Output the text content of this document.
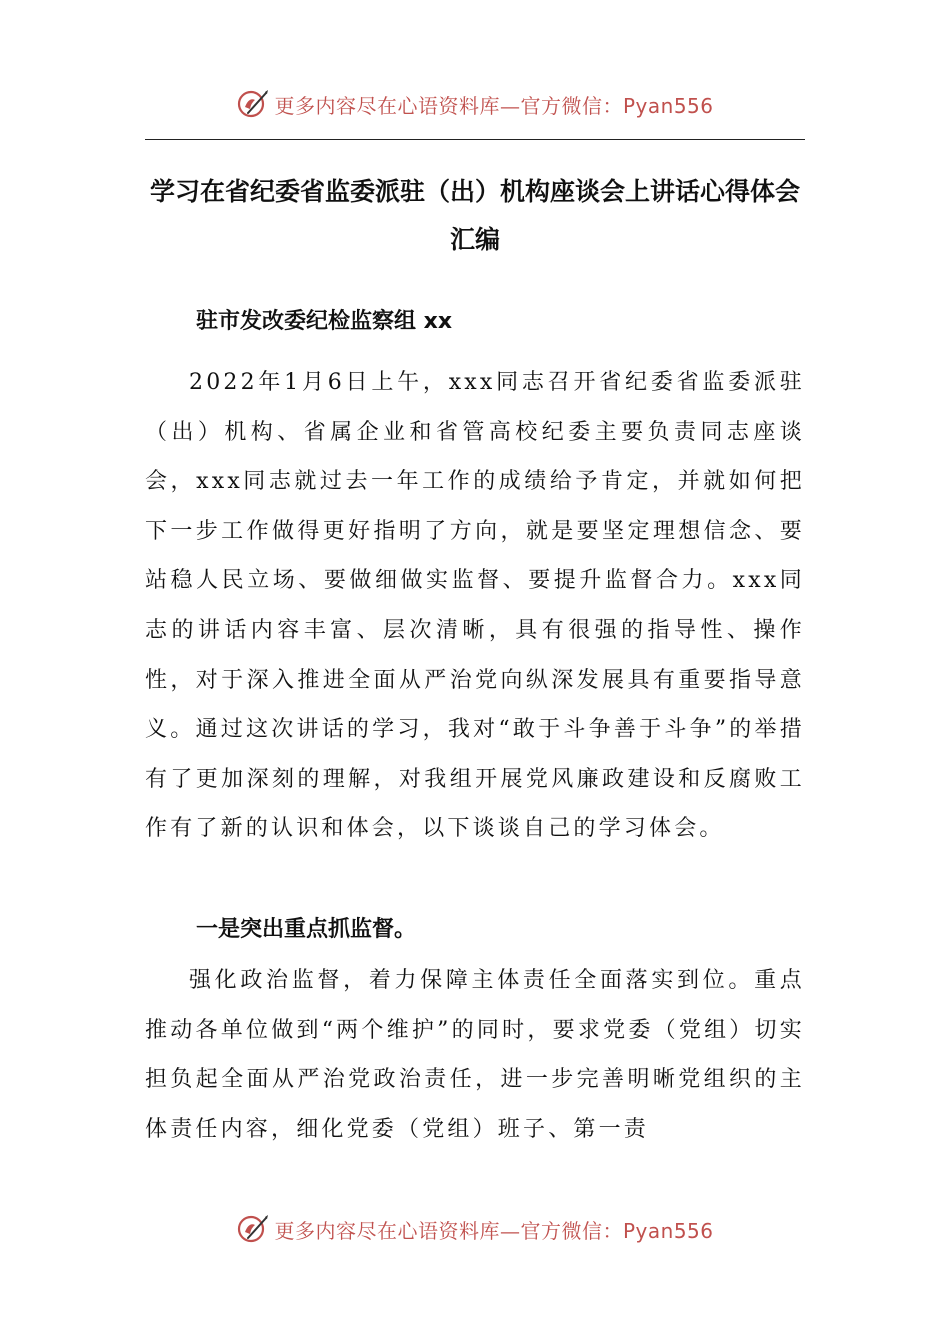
更多内容尽在心语资料库—官方微信：Pyan556
学习在省纪委省监委派驻（出）机构座谈会上讲话心得体会汇编

驻市发改委纪检监察组 xx

2022年1月6日上午，xxx同志召开省纪委省监委派驻（出）机构、省属企业和省管高校纪委主要负责同志座谈会，xxx同志就过去一年工作的成绩给予肯定，并就如何把下一步工作做得更好指明了方向，就是要坚定理想信念、要站稳人民立场、要做细做实监督、要提升监督合力。xxx同志的讲话内容丰富、层次清晰，具有很强的指导性、操作性，对于深入推进全面从严治党向纵深发展具有重要指导意义。通过这次讲话的学习，我对“敢于斗争善于斗争”的举措有了更加深刻的理解，对我组开展党风廉政建设和反腐败工作有了新的认识和体会，以下谈谈自己的学习体会。

一是突出重点抓监督。

强化政治监督，着力保障主体责任全面落实到位。重点推动各单位做到“两个维护”的同时，要求党委（党组）切实担负起全面从严治党政治责任，进一步完善明晰党组织的主体责任内容，细化党委（党组）班子、第一责

更多内容尽在心语资料库—官方微信：Pyan556
